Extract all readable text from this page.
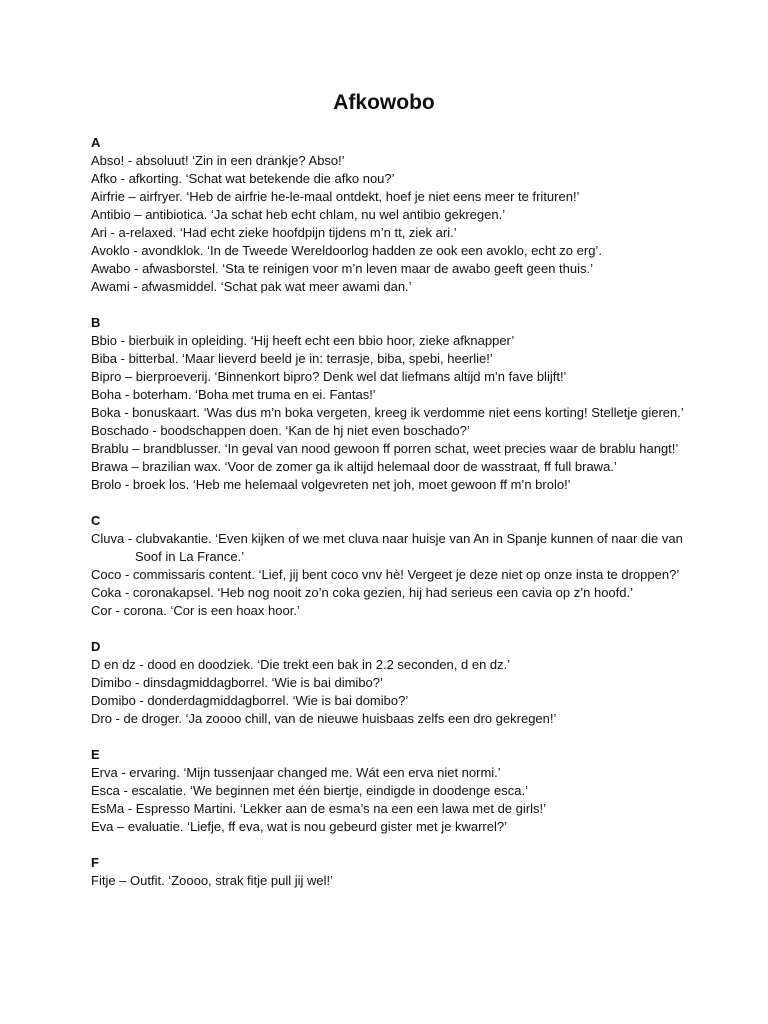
Afkowobo
A
Abso! - absoluut! ‘Zin in een drankje? Abso!’
Afko - afkorting. ‘Schat wat betekende die afko nou?’
Airfrie – airfryer. ‘Heb de airfrie he-le-maal ontdekt, hoef je niet eens meer te frituren!’
Antibio – antibiotica. ‘Ja schat heb echt chlam, nu wel antibio gekregen.’
Ari - a-relaxed. ‘Had echt zieke hoofdpijn tijdens m’n tt, ziek ari.’
Avoklo - avondklok. ‘In de Tweede Wereldoorlog hadden ze ook een avoklo, echt zo erg’.
Awabo - afwasborstel. ‘Sta te reinigen voor m’n leven maar de awabo geeft geen thuis.’
Awami - afwasmiddel. ‘Schat pak wat meer awami dan.’
B
Bbio - bierbuik in opleiding. ‘Hij heeft echt een bbio hoor, zieke afknapper’
Biba - bitterbal. ‘Maar lieverd beeld je in: terrasje, biba, spebi, heerlie!’
Bipro – bierproeverij. ‘Binnenkort bipro? Denk wel dat liefmans altijd m’n fave blijft!’
Boha - boterham. ‘Boha met truma en ei. Fantas!’
Boka - bonuskaart. ‘Was dus m’n boka vergeten, kreeg ik verdomme niet eens korting! Stelletje gieren.’
Boschado - boodschappen doen. ‘Kan de hj niet even boschado?’
Brablu – brandblusser. ‘In geval van nood gewoon ff porren schat, weet precies waar de brablu hangt!’
Brawa – brazilian wax. ‘Voor de zomer ga ik altijd helemaal door de wasstraat, ff full brawa.’
Brolo - broek los. ‘Heb me helemaal volgevreten net joh, moet gewoon ff m’n brolo!’
C
Cluva - clubvakantie. ‘Even kijken of we met cluva naar huisje van An in Spanje kunnen of naar die van Soof in La France.’
Coco - commissaris content. ‘Lief, jij bent coco vnv hè! Vergeet je deze niet op onze insta te droppen?’
Coka - coronakapsel. ‘Heb nog nooit zo’n coka gezien, hij had serieus een cavia op z’n hoofd.’
Cor - corona. ‘Cor is een hoax hoor.’
D
D en dz - dood en doodziek. ‘Die trekt een bak in 2.2 seconden, d en dz.’
Dimibo - dinsdagmiddagborrel. ‘Wie is bai dimibo?’
Domibo - donderdagmiddagborrel. ‘Wie is bai domibo?’
Dro - de droger. ‘Ja zoooo chill, van de nieuwe huisbaas zelfs een dro gekregen!’
E
Erva - ervaring. ‘Mijn tussenjaar changed me. Wát een erva niet normi.’
Esca - escalatie. ‘We beginnen met één biertje, eindigde in doodenge esca.’
EsMa - Espresso Martini. ‘Lekker aan de esma’s na een een lawa met de girls!’
Eva – evaluatie. ‘Liefje, ff eva, wat is nou gebeurd gister met je kwarrel?’
F
Fitje – Outfit. ‘Zoooo, strak fitje pull jij wel!’
